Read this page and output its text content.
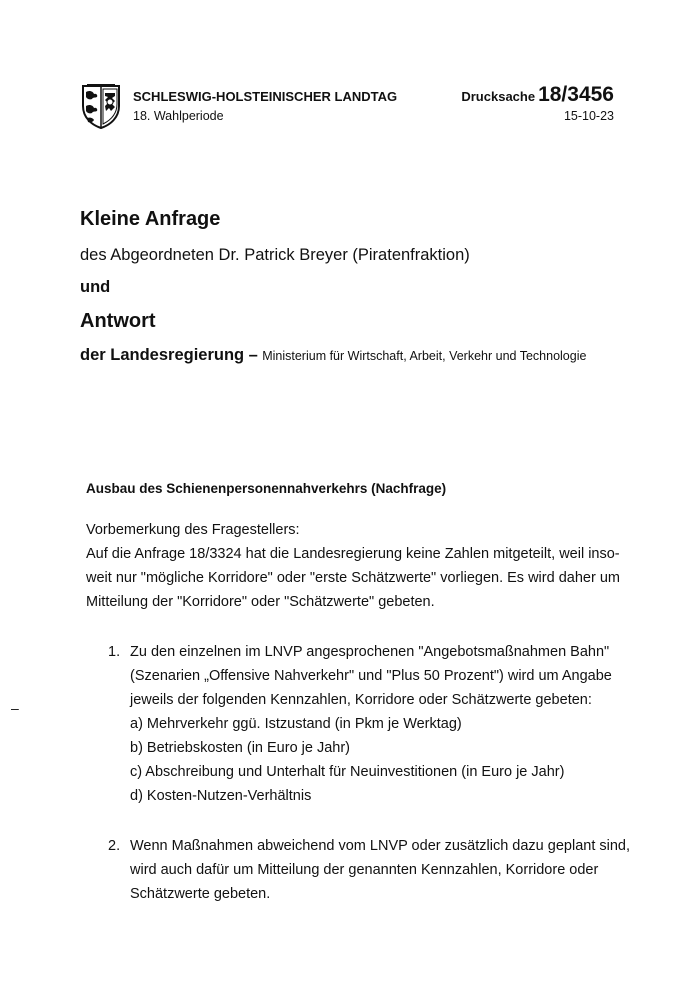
SCHLESWIG-HOLSTEINISCHER LANDTAG
18. Wahlperiode
Drucksache 18/3456
15-10-23
Kleine Anfrage
des Abgeordneten Dr. Patrick Breyer (Piratenfraktion)
und
Antwort
der Landesregierung – Ministerium für Wirtschaft, Arbeit, Verkehr und Technologie
Ausbau des Schienenpersonennahverkehrs (Nachfrage)
Vorbemerkung des Fragestellers:
Auf die Anfrage 18/3324 hat die Landesregierung keine Zahlen mitgeteilt, weil inso-
weit nur "mögliche Korridore" oder "erste Schätzwerte" vorliegen. Es wird daher um
Mitteilung der "Korridore" oder "Schätzwerte" gebeten.
1. Zu den einzelnen im LNVP angesprochenen "Angebotsmaßnahmen Bahn"
(Szenarien „Offensive Nahverkehr" und "Plus 50 Prozent") wird um Angabe
jeweils der folgenden Kennzahlen, Korridore oder Schätzwerte gebeten:
a) Mehrverkehr ggü. Istzustand (in Pkm je Werktag)
b) Betriebskosten (in Euro je Jahr)
c) Abschreibung und Unterhalt für Neuinvestitionen (in Euro je Jahr)
d) Kosten-Nutzen-Verhältnis
2. Wenn Maßnahmen abweichend vom LNVP oder zusätzlich dazu geplant sind,
wird auch dafür um Mitteilung der genannten Kennzahlen, Korridore oder
Schätzwerte gebeten.
–
